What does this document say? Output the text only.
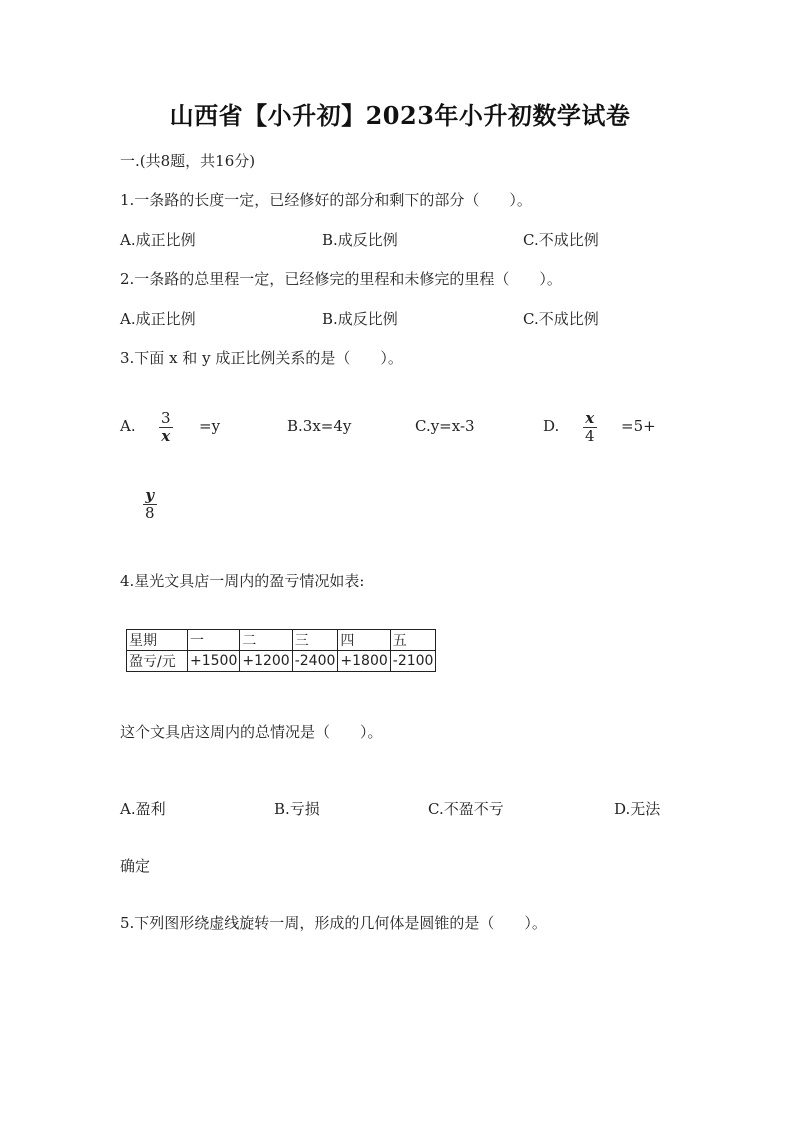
山西省【小升初】2023年小升初数学试卷
一.(共8题，共16分)
1.一条路的长度一定，已经修好的部分和剩下的部分（　　）。
A.成正比例	B.成反比例	C.不成比例
2.一条路的总里程一定，已经修完的里程和未修完的里程（　　）。
A.成正比例	B.成反比例	C.不成比例
3.下面 x 和 y 成正比例关系的是（　　）。
A. $\frac{3}{x} =y$	B.3x=4y	C.y=x-3	D. $\frac{x}{4} =5+$
$\frac{y}{8}$
4.星光文具店一周内的盈亏情况如表:
星期	一	二	三	四	五
盈亏/元	+1500	+1200	-2400	+1800	-2100
这个文具店这周内的总情况是（　　）。
A.盈利	B.亏损	C.不盈不亏	D.无法
确定
5.下列图形绕虚线旋转一周，形成的几何体是圆锥的是（　　）。
